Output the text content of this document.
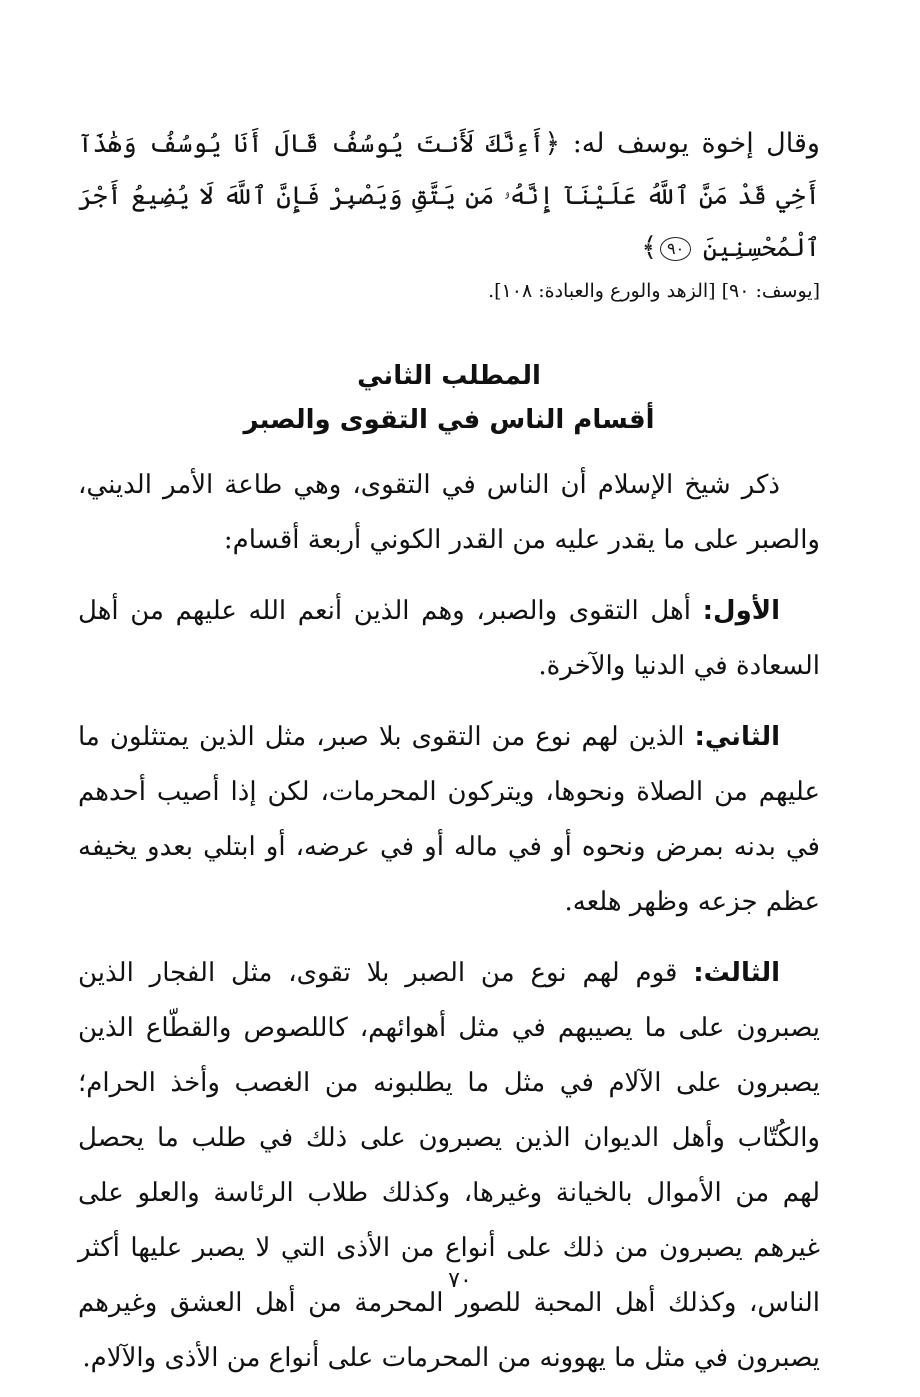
وقال إخوة يوسف له: ﴿أَءِنَّكَ لَأَنتَ يُوسُفُ قَالَ أَنَا يُوسُفُ وَهَٰذَآ أَخِي قَدْ مَنَّ ٱللَّهُ عَلَيْنَآ إِنَّهُۥ مَن يَتَّقِ وَيَصْبِرْ فَإِنَّ ٱللَّهَ لَا يُضِيعُ أَجْرَ ٱلْمُحْسِنِينَ ٩٠﴾

[يوسف: ٩٠] [الزهد والورع والعبادة: ١٠٨].

المطلب الثاني
أقسام الناس في التقوى والصبر

ذكر شيخ الإسلام أن الناس في التقوى، وهي طاعة الأمر الديني، والصبر على ما يقدر عليه من القدر الكوني أربعة أقسام:

الأول: أهل التقوى والصبر، وهم الذين أنعم الله عليهم من أهل السعادة في الدنيا والآخرة.

الثاني: الذين لهم نوع من التقوى بلا صبر، مثل الذين يمتثلون ما عليهم من الصلاة ونحوها، ويتركون المحرمات، لكن إذا أصيب أحدهم في بدنه بمرض ونحوه أو في ماله أو في عرضه، أو ابتلي بعدو يخيفه عظم جزعه وظهر هلعه.

الثالث: قوم لهم نوع من الصبر بلا تقوى، مثل الفجار الذين يصبرون على ما يصيبهم في مثل أهوائهم، كاللصوص والقطّاع الذين يصبرون على الآلام في مثل ما يطلبونه من الغصب وأخذ الحرام؛ والكُتّاب وأهل الديوان الذين يصبرون على ذلك في طلب ما يحصل لهم من الأموال بالخيانة وغيرها، وكذلك طلاب الرئاسة والعلو على غيرهم يصبرون من ذلك على أنواع من الأذى التي لا يصبر عليها أكثر الناس، وكذلك أهل المحبة للصور المحرمة من أهل العشق وغيرهم يصبرون في مثل ما يهوونه من المحرمات على أنواع من الأذى والآلام.

٧٠
